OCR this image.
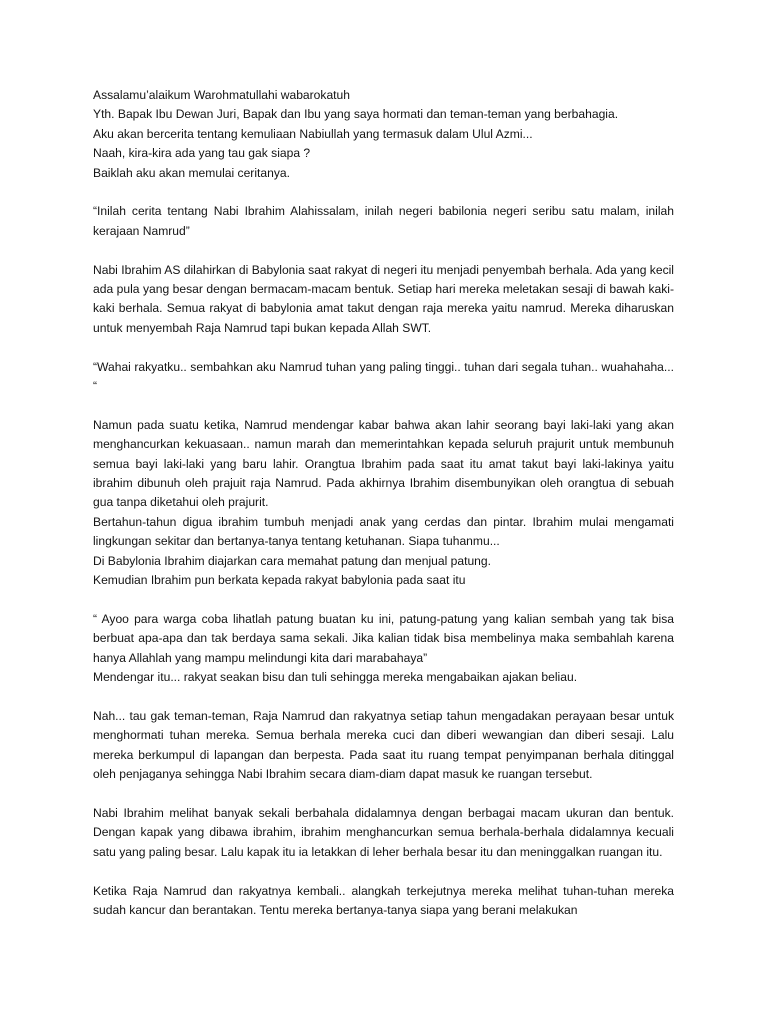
Assalamu’alaikum Warohmatullahi wabarokatuh

Yth. Bapak Ibu Dewan Juri, Bapak dan Ibu yang saya hormati dan teman-teman yang berbahagia.

Aku akan bercerita tentang kemuliaan Nabiullah yang termasuk dalam Ulul Azmi...

Naah, kira-kira ada yang tau gak siapa ?

Baiklah aku akan memulai ceritanya.

“Inilah cerita tentang Nabi Ibrahim Alahissalam, inilah negeri babilonia negeri seribu satu malam, inilah kerajaan Namrud”

Nabi Ibrahim AS dilahirkan di Babylonia saat rakyat di negeri itu menjadi penyembah berhala. Ada yang kecil ada pula yang besar dengan bermacam-macam bentuk. Setiap hari mereka meletakan sesaji di bawah kaki-kaki berhala. Semua rakyat di babylonia amat takut dengan raja mereka yaitu namrud. Mereka diharuskan untuk menyembah Raja Namrud tapi bukan kepada Allah SWT.

“Wahai rakyatku.. sembahkan aku Namrud tuhan yang paling tinggi.. tuhan dari segala tuhan.. wuahahaha... “

Namun pada suatu ketika, Namrud mendengar kabar bahwa akan lahir seorang bayi laki-laki yang akan menghancurkan kekuasaan.. namun marah dan memerintahkan kepada seluruh prajurit untuk membunuh semua bayi laki-laki yang baru lahir. Orangtua Ibrahim pada saat itu amat takut bayi laki-lakinya yaitu ibrahim dibunuh oleh prajuit raja Namrud. Pada akhirnya Ibrahim disembunyikan oleh orangtua di sebuah gua tanpa diketahui oleh prajurit.

Bertahun-tahun digua ibrahim tumbuh menjadi anak yang cerdas dan pintar. Ibrahim mulai mengamati lingkungan sekitar dan bertanya-tanya tentang ketuhanan. Siapa tuhanmu...

Di Babylonia Ibrahim diajarkan cara memahat patung dan menjual patung.

Kemudian Ibrahim pun berkata kepada rakyat babylonia pada saat itu

“ Ayoo para warga coba lihatlah patung buatan ku ini, patung-patung yang kalian sembah yang tak bisa berbuat apa-apa dan tak berdaya sama sekali. Jika kalian tidak bisa membelinya maka sembahlah karena hanya Allahlah yang mampu melindungi kita dari marabahaya”

Mendengar itu... rakyat seakan bisu dan tuli sehingga mereka mengabaikan ajakan beliau.

Nah... tau gak teman-teman, Raja Namrud dan rakyatnya setiap tahun mengadakan perayaan besar untuk menghormati tuhan mereka. Semua berhala mereka cuci dan diberi wewangian dan diberi sesaji. Lalu mereka berkumpul di lapangan dan berpesta. Pada saat itu ruang tempat penyimpanan berhala ditinggal oleh penjaganya sehingga Nabi Ibrahim secara diam-diam dapat masuk ke ruangan tersebut.

Nabi Ibrahim melihat banyak sekali berbahala didalamnya dengan berbagai macam ukuran dan bentuk. Dengan kapak yang dibawa ibrahim, ibrahim menghancurkan semua berhala-berhala didalamnya kecuali satu yang paling besar. Lalu kapak itu ia letakkan di leher berhala besar itu dan meninggalkan ruangan itu.

Ketika Raja Namrud dan rakyatnya kembali.. alangkah terkejutnya mereka melihat tuhan-tuhan mereka sudah kancur dan berantakan. Tentu mereka bertanya-tanya siapa yang berani melakukan
